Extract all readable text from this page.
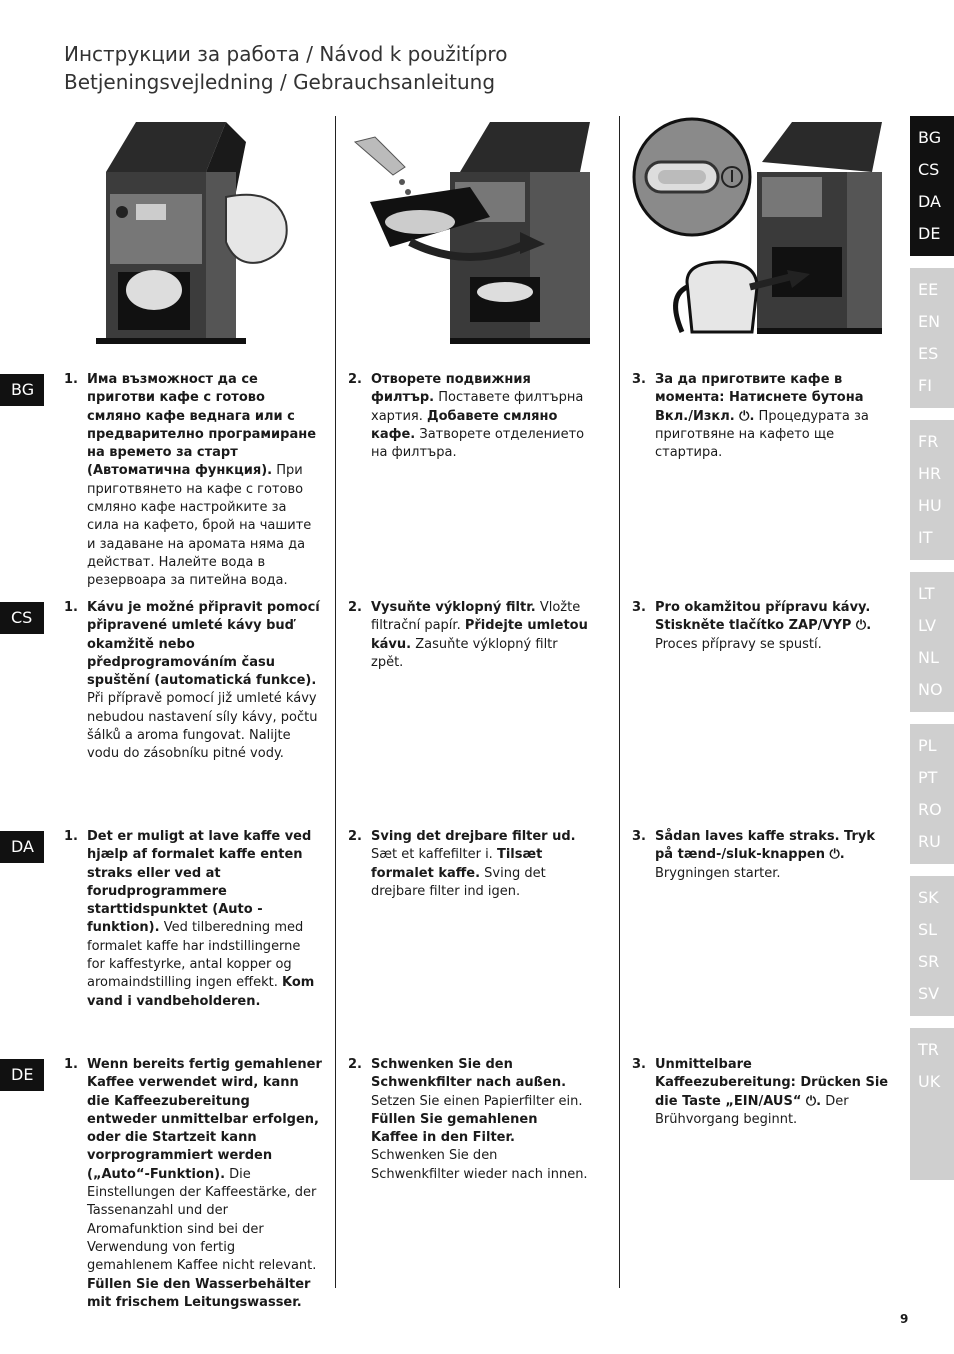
Инструкции за работа / Návod k použitípro
Betjeningsvejledning / Gebrauchsanleitung
BG
CS
DA
DE
EE
EN
ES
FI
FR
HR
HU
IT
LT
LV
NL
NO
PL
PT
RO
RU
SK
SL
SR
SV
TR
UK
BG
CS
DA
DE
1. Има възможност да се приготви кафе с готово смляно кафе веднага или с предварително програмиране на времето за старт (Автоматична функция). При приготвянето на кафе с готово смляно кафе настройките за сила на кафето, брой на чашите и задаване на аромата няма да действат. Налейте вода в резервоара за питейна вода.
2. Отворете подвижния филтър. Поставете филтърна хартия. Добавете смляно кафе. Затворете отделението на филтъра.
3. За да приготвите кафе в момента: Натиснете бутона Вкл./Изкл. ⏻. Процедурата за приготвяне на кафето ще стартира.
1. Kávu je možné připravit pomocí připravené umleté kávy buď okamžitě nebo předprogramováním času spuštění (automatická funkce). Při přípravě pomocí již umleté kávy nebudou nastavení síly kávy, počtu šálků a aroma fungovat. Nalijte vodu do zásobníku pitné vody.
2. Vysuňte výklopný filtr. Vložte filtrační papír. Přidejte umletou kávu. Zasuňte výklopný filtr zpět.
3. Pro okamžitou přípravu kávy. Stiskněte tlačítko ZAP/VYP ⏻. Proces přípravy se spustí.
1. Det er muligt at lave kaffe ved hjælp af formalet kaffe enten straks eller ved at forudprogrammere starttidspunktet (Auto -funktion). Ved tilberedning med formalet kaffe har indstillingerne for kaffestyrke, antal kopper og aromaindstilling ingen effekt. Kom vand i vandbeholderen.
2. Sving det drejbare filter ud. Sæt et kaffefilter i. Tilsæt formalet kaffe. Sving det drejbare filter ind igen.
3. Sådan laves kaffe straks. Tryk på tænd-/sluk-knappen ⏻. Brygningen starter.
1. Wenn bereits fertig gemahlener Kaffee verwendet wird, kann die Kaffeezubereitung entweder unmittelbar erfolgen, oder die Startzeit kann vorprogrammiert werden („Auto“-Funktion). Die Einstellungen der Kaffeestärke, der Tassenanzahl und der Aromafunktion sind bei der Verwendung von fertig gemahlenem Kaffee nicht relevant. Füllen Sie den Wasserbehälter mit frischem Leitungswasser.
2. Schwenken Sie den Schwenkfilter nach außen. Setzen Sie einen Papierfilter ein. Füllen Sie gemahlenen Kaffee in den Filter. Schwenken Sie den Schwenkfilter wieder nach innen.
3. Unmittelbare Kaffeezubereitung: Drücken Sie die Taste „EIN/AUS“ ⏻. Der Brühvorgang beginnt.
9
